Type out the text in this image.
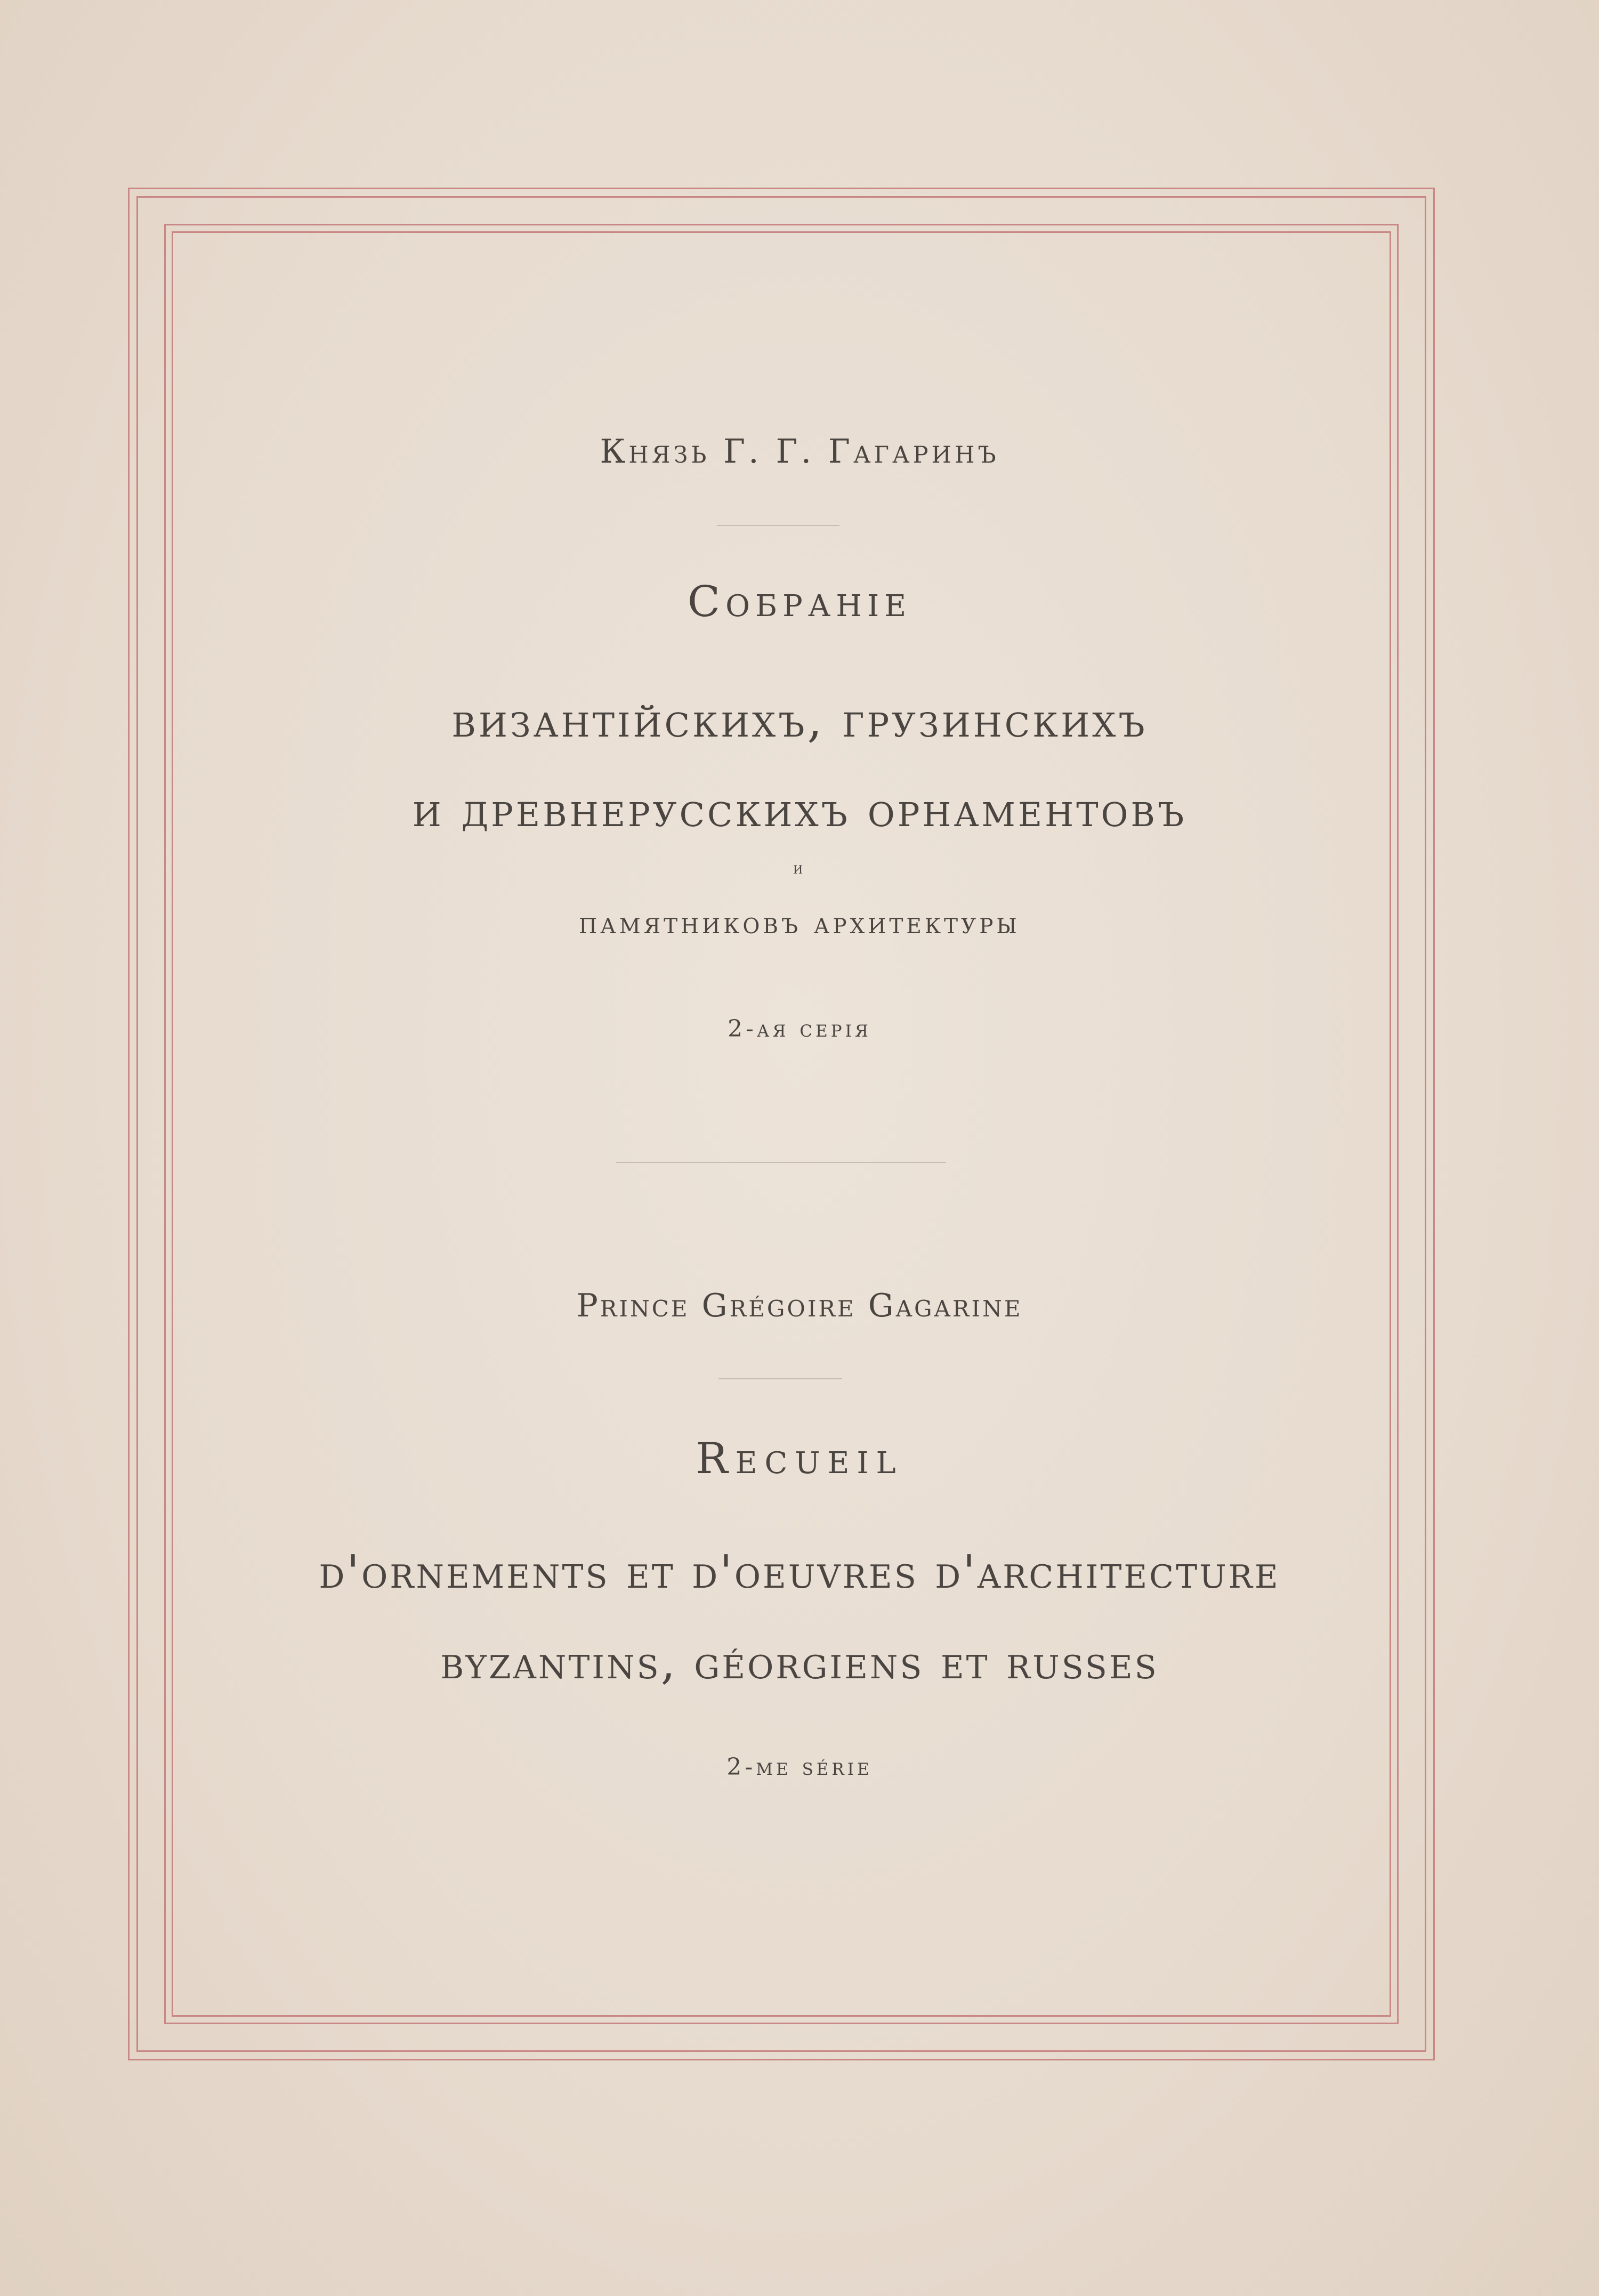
Князь Г. Г. Гагаринъ
Собраніе
византійскихъ, грузинскихъ
и древнерусскихъ орнаментовъ
и
памятниковъ архитектуры
2-ая серія
Prince Grégoire Gagarine
Recueil
d'ornements et d'oeuvres d'architecture
byzantins, géorgiens et russes
2-me série
